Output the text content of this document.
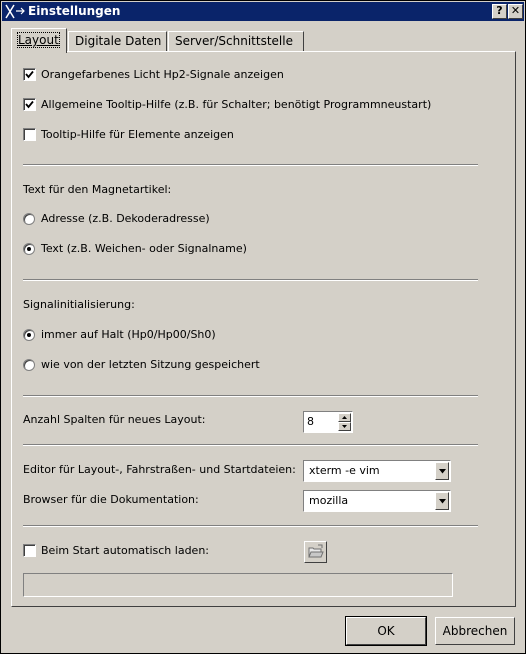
Einstellungen	? ✕
Layout	Digitale Daten	Server/Schnittstelle
Orangefarbenes Licht Hp2-Signale anzeigen
Allgemeine Tooltip-Hilfe (z.B. für Schalter; benötigt Programmneustart)
Tooltip-Hilfe für Elemente anzeigen
Text für den Magnetartikel:
Adresse (z.B. Dekoderadresse)
Text (z.B. Weichen- oder Signalname)
Signalinitialisierung:
immer auf Halt (Hp0/Hp00/Sh0)
wie von der letzten Sitzung gespeichert
Anzahl Spalten für neues Layout:	8
Editor für Layout-, Fahrstraßen- und Startdateien: xterm -e vim
Browser für die Dokumentation:	mozilla
Beim Start automatisch laden:
OK	Abbrechen
